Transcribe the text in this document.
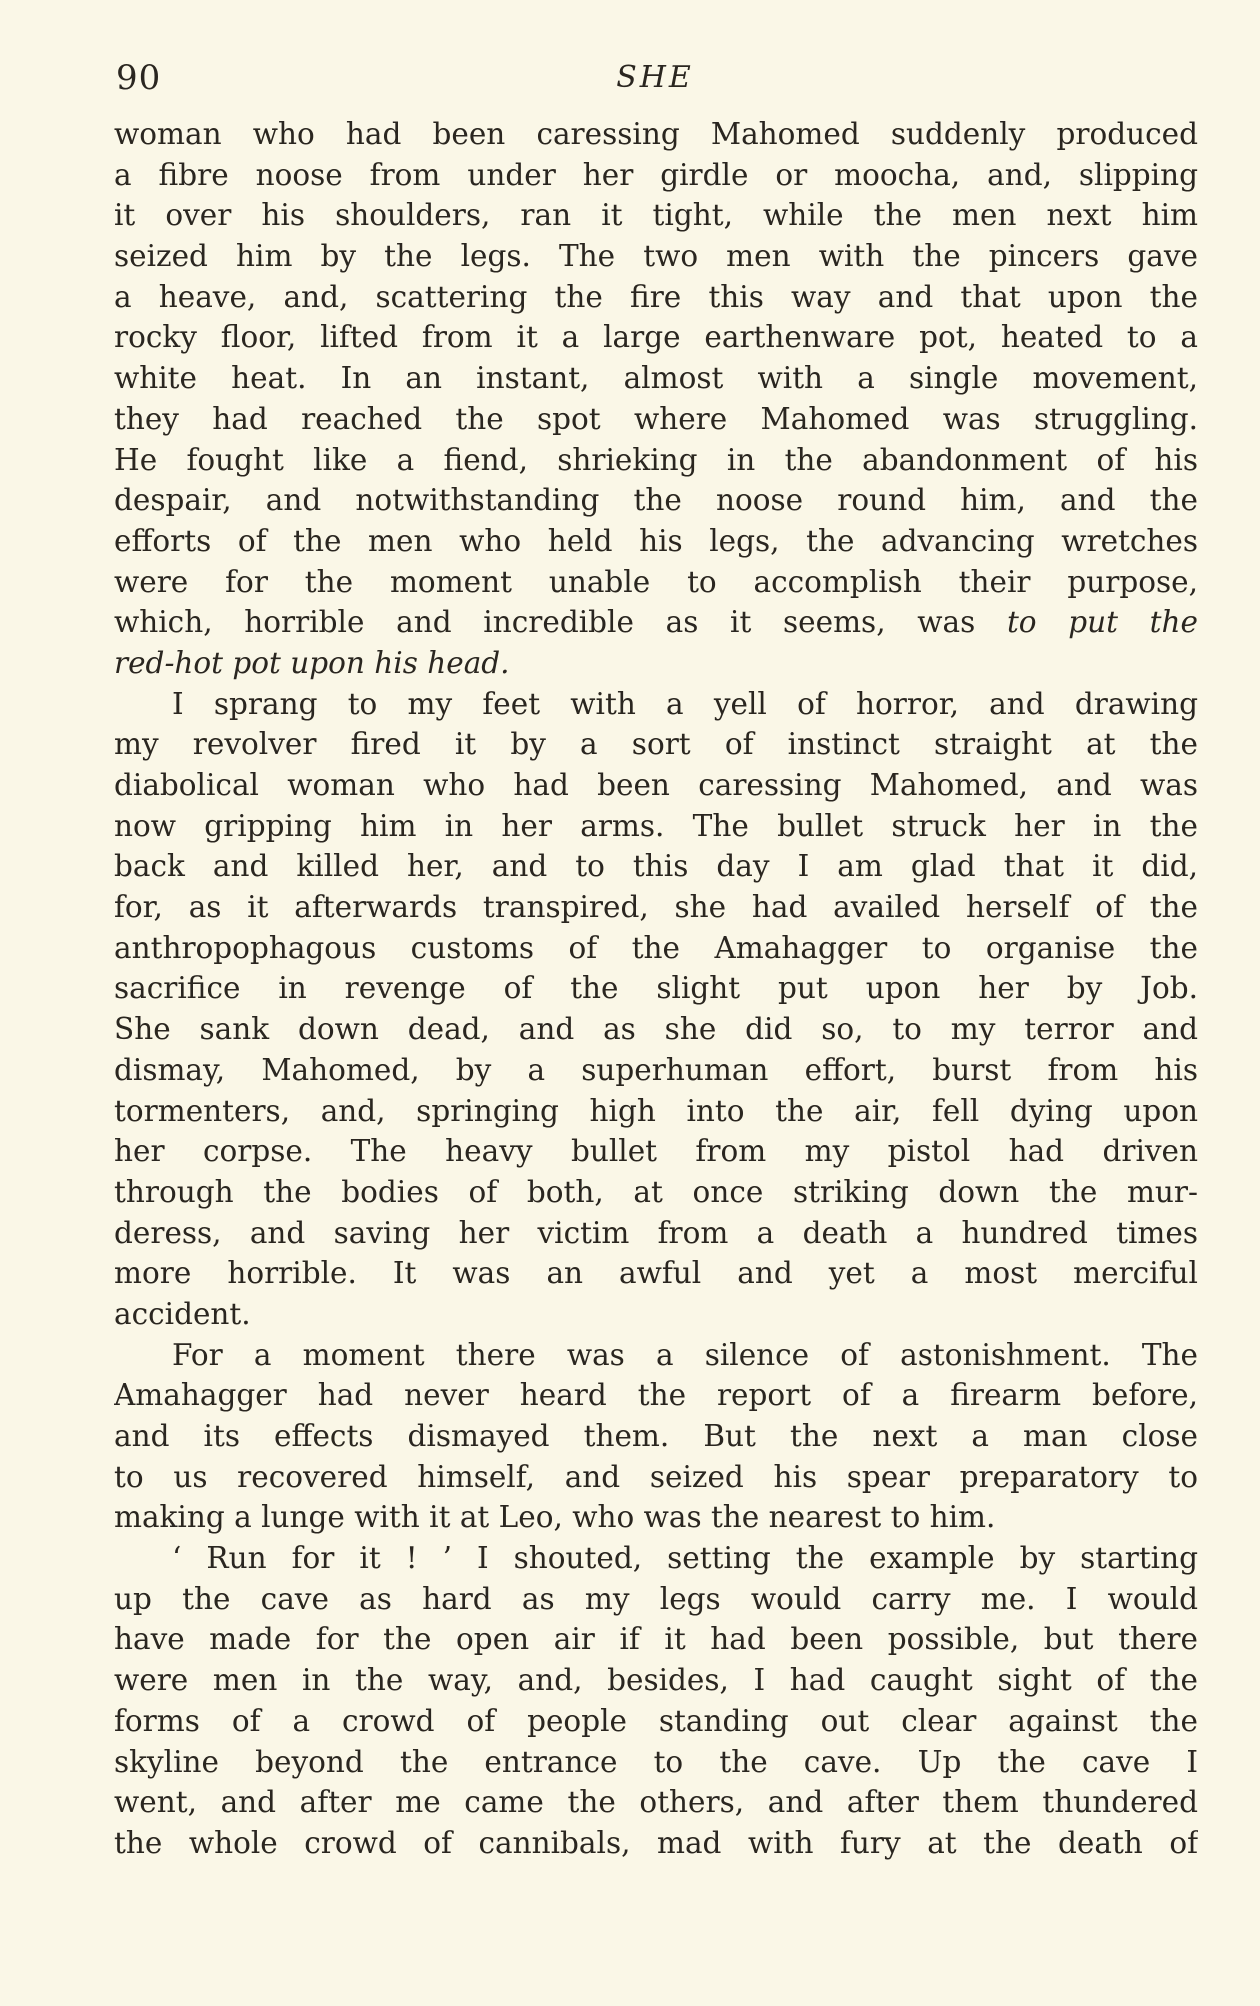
90	SHE
woman who had been caressing Mahomed suddenly produced
a fibre noose from under her girdle or moocha, and, slipping
it over his shoulders, ran it tight, while the men next him
seized him by the legs. The two men with the pincers gave
a heave, and, scattering the fire this way and that upon the
rocky floor, lifted from it a large earthenware pot, heated to a
white heat. In an instant, almost with a single movement,
they had reached the spot where Mahomed was struggling.
He fought like a fiend, shrieking in the abandonment of his
despair, and notwithstanding the noose round him, and the
efforts of the men who held his legs, the advancing wretches
were for the moment unable to accomplish their purpose,
which, horrible and incredible as it seems, was to put the
red-hot pot upon his head.
I sprang to my feet with a yell of horror, and drawing
my revolver fired it by a sort of instinct straight at the
diabolical woman who had been caressing Mahomed, and was
now gripping him in her arms. The bullet struck her in the
back and killed her, and to this day I am glad that it did,
for, as it afterwards transpired, she had availed herself of the
anthropophagous customs of the Amahagger to organise the
sacrifice in revenge of the slight put upon her by Job.
She sank down dead, and as she did so, to my terror and
dismay, Mahomed, by a superhuman effort, burst from his
tormenters, and, springing high into the air, fell dying upon
her corpse. The heavy bullet from my pistol had driven
through the bodies of both, at once striking down the mur-
deress, and saving her victim from a death a hundred times
more horrible. It was an awful and yet a most merciful
accident.
For a moment there was a silence of astonishment. The
Amahagger had never heard the report of a firearm before,
and its effects dismayed them. But the next a man close
to us recovered himself, and seized his spear preparatory to
making a lunge with it at Leo, who was the nearest to him.
‘ Run for it ! ’ I shouted, setting the example by starting
up the cave as hard as my legs would carry me. I would
have made for the open air if it had been possible, but there
were men in the way, and, besides, I had caught sight of the
forms of a crowd of people standing out clear against the
skyline beyond the entrance to the cave. Up the cave I
went, and after me came the others, and after them thundered
the whole crowd of cannibals, mad with fury at the death of
